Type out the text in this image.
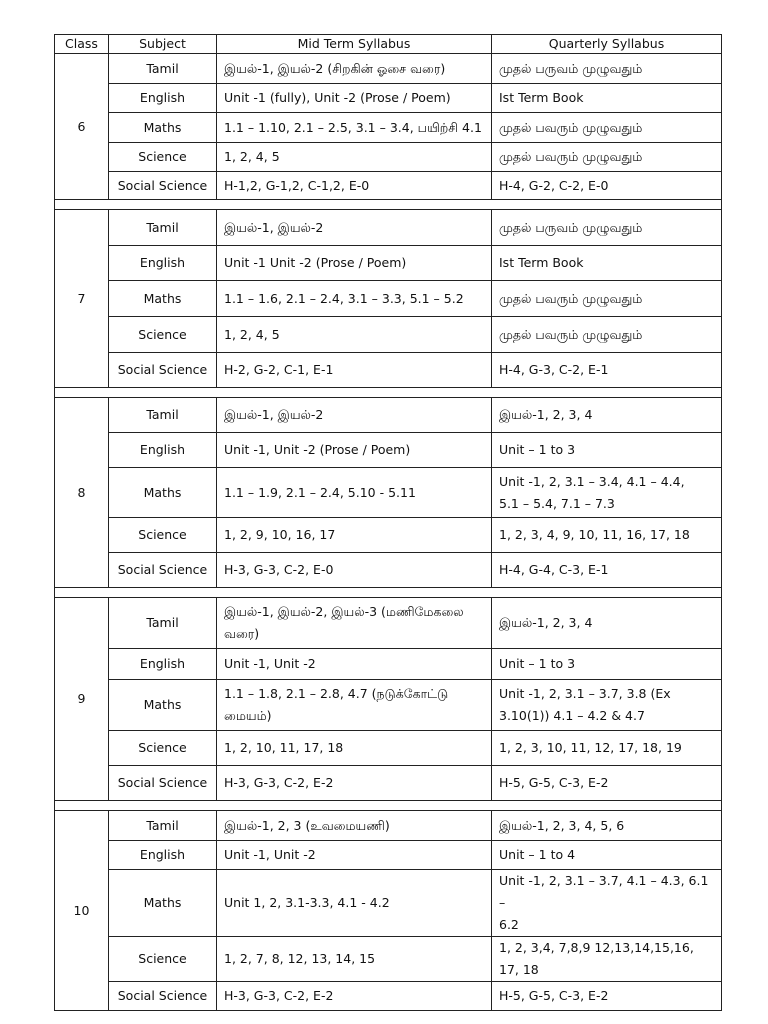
Class	Subject	Mid Term Syllabus	Quarterly Syllabus
6	Tamil	இயல்-1, இயல்-2 (சிறகின் ஓசை வரை)	முதல் பருவம் முழுவதும்

	English	Unit -1 (fully), Unit -2 (Prose / Poem)	Ist Term Book

	Maths	1.1 – 1.10, 2.1 – 2.5, 3.1 – 3.4, பயிற்சி 4.1	முதல் பவரும் முழுவதும்

	Science	1, 2, 4, 5	முதல் பவரும் முழுவதும்

	Social Science	H-1,2, G-1,2, C-1,2, E-0	H-4, G-2, C-2, E-0

7	Tamil	இயல்-1, இயல்-2	முதல் பருவம் முழுவதும்

	English	Unit -1 Unit -2 (Prose / Poem)	Ist Term Book

	Maths	1.1 – 1.6, 2.1 – 2.4, 3.1 – 3.3, 5.1 – 5.2	முதல் பவரும் முழுவதும்

	Science	1, 2, 4, 5	முதல் பவரும் முழுவதும்

	Social Science	H-2, G-2, C-1, E-1	H-4, G-3, C-2, E-1

8	Tamil	இயல்-1, இயல்-2	இயல்-1, 2, 3, 4

	English	Unit -1, Unit -2 (Prose / Poem)	Unit – 1 to 3

	Maths	1.1 – 1.9, 2.1 – 2.4, 5.10 - 5.11	Unit -1, 2, 3.1 – 3.4, 4.1 – 4.4,
5.1 – 5.4, 7.1 – 7.3

	Science	1, 2, 9, 10, 16, 17	1, 2, 3, 4, 9, 10, 11, 16, 17, 18

	Social Science	H-3, G-3, C-2, E-0	H-4, G-4, C-3, E-1

9	Tamil	இயல்-1, இயல்-2, இயல்-3 (மணிமேகலை
வரை)	இயல்-1, 2, 3, 4

	English	Unit -1, Unit -2	Unit – 1 to 3

	Maths	1.1 – 1.8, 2.1 – 2.8, 4.7 (நடுக்கோட்டு
மையம்)	Unit -1, 2, 3.1 – 3.7, 3.8 (Ex
3.10(1)) 4.1 – 4.2 & 4.7

	Science	1, 2, 10, 11, 17, 18	1, 2, 3, 10, 11, 12, 17, 18, 19

	Social Science	H-3, G-3, C-2, E-2	H-5, G-5, C-3, E-2

10	Tamil	இயல்-1, 2, 3 (உவமையணி)	இயல்-1, 2, 3, 4, 5, 6

	English	Unit -1, Unit -2	Unit – 1 to 4

	Maths	Unit 1, 2, 3.1-3.3, 4.1 - 4.2	Unit -1, 2, 3.1 – 3.7, 4.1 – 4.3, 6.1 –
6.2

	Science	1, 2, 7, 8, 12, 13, 14, 15	1, 2, 3,4, 7,8,9 12,13,14,15,16,
17, 18

	Social Science	H-3, G-3, C-2, E-2	H-5, G-5, C-3, E-2
